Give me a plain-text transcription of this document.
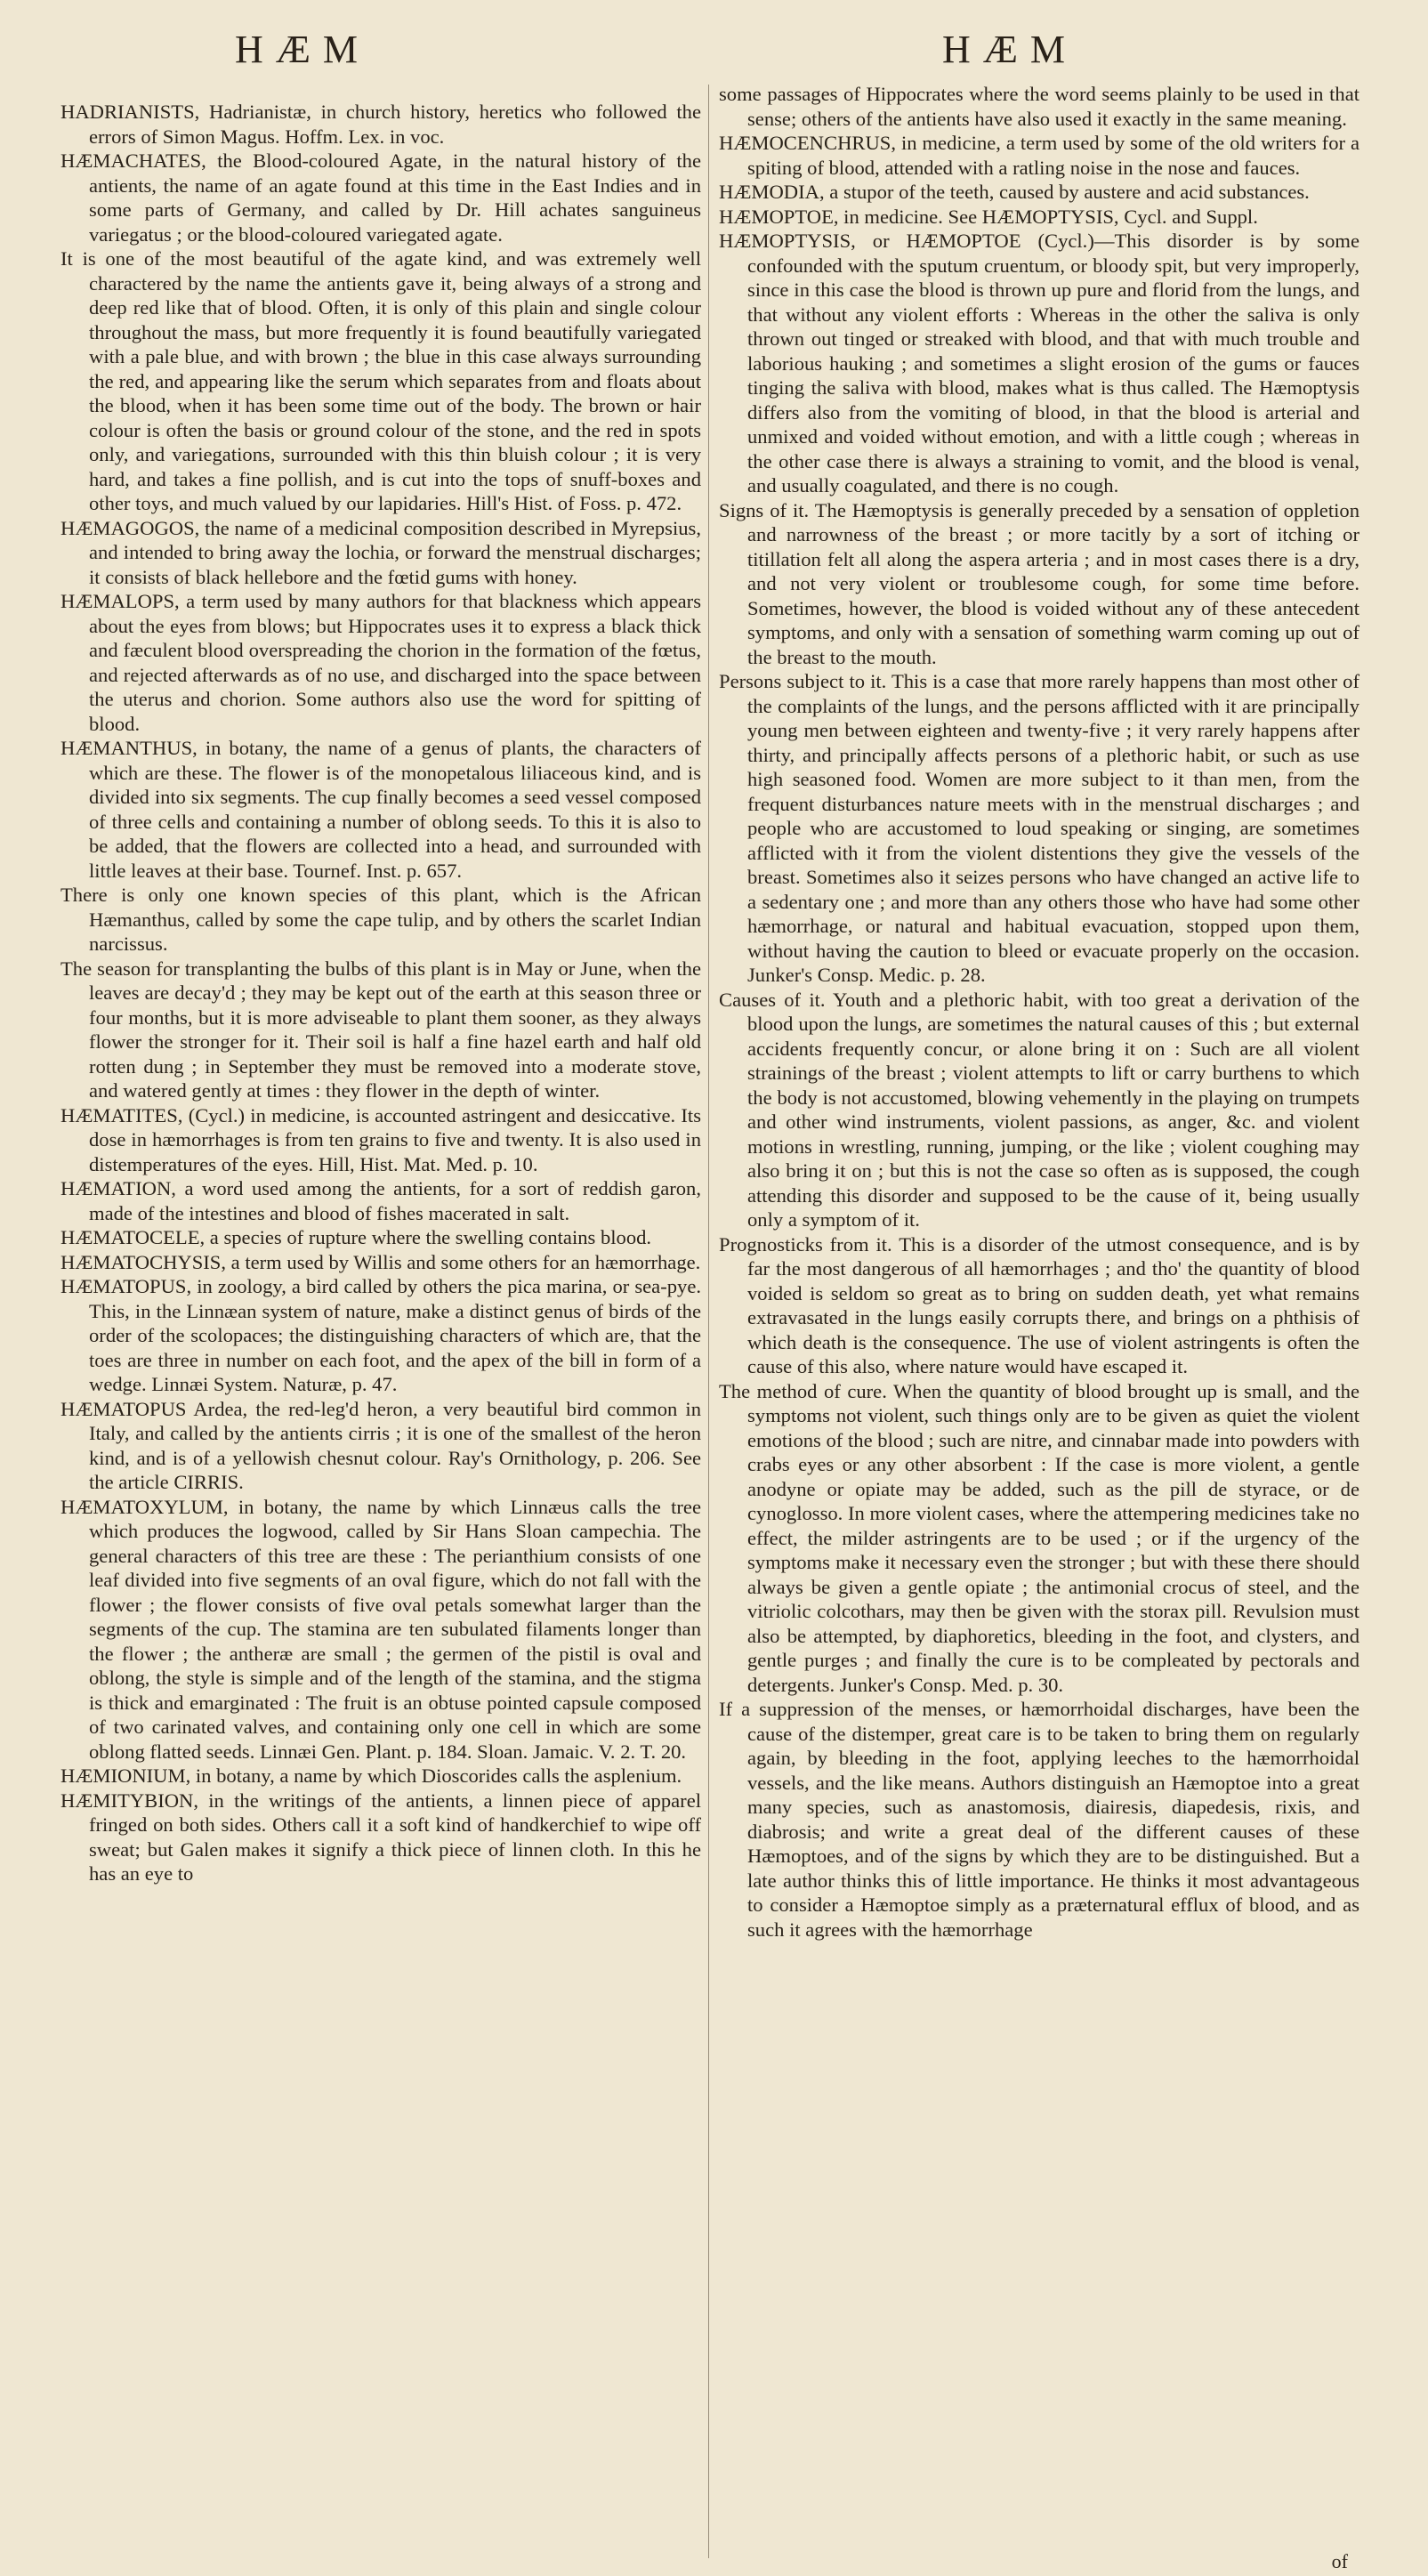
HÆM	HÆM

HADRIANISTS, Hadrianistæ, in church history, heretics who followed the errors of Simon Magus. Hoffm. Lex. in voc.

HÆMACHATES, the Blood-coloured Agate, in the natural history of the antients, the name of an agate found at this time in the East Indies and in some parts of Germany, and called by Dr. Hill achates sanguineus variegatus ; or the blood-coloured variegated agate.

It is one of the most beautiful of the agate kind, and was extremely well charactered by the name the antients gave it, being always of a strong and deep red like that of blood. Often, it is only of this plain and single colour throughout the mass, but more frequently it is found beautifully variegated with a pale blue, and with brown ; the blue in this case always surrounding the red, and appearing like the serum which separates from and floats about the blood, when it has been some time out of the body. The brown or hair colour is often the basis or ground colour of the stone, and the red in spots only, and variegations, surrounded with this thin bluish colour ; it is very hard, and takes a fine pollish, and is cut into the tops of snuff-boxes and other toys, and much valued by our lapidaries. Hill's Hist. of Foss. p. 472.

HÆMAGOGOS, the name of a medicinal composition described in Myrepsius, and intended to bring away the lochia, or forward the menstrual discharges; it consists of black hellebore and the fœtid gums with honey.

HÆMALOPS, a term used by many authors for that blackness which appears about the eyes from blows; but Hippocrates uses it to express a black thick and fæculent blood overspreading the chorion in the formation of the fœtus, and rejected afterwards as of no use, and discharged into the space between the uterus and chorion. Some authors also use the word for spitting of blood.

HÆMANTHUS, in botany, the name of a genus of plants, the characters of which are these. The flower is of the monopetalous liliaceous kind, and is divided into six segments. The cup finally becomes a seed vessel composed of three cells and containing a number of oblong seeds. To this it is also to be added, that the flowers are collected into a head, and surrounded with little leaves at their base. Tournef. Inst. p. 657.

There is only one known species of this plant, which is the African Hæmanthus, called by some the cape tulip, and by others the scarlet Indian narcissus.

The season for transplanting the bulbs of this plant is in May or June, when the leaves are decay'd ; they may be kept out of the earth at this season three or four months, but it is more adviseable to plant them sooner, as they always flower the stronger for it. Their soil is half a fine hazel earth and half old rotten dung ; in September they must be removed into a moderate stove, and watered gently at times : they flower in the depth of winter.

HÆMATITES, (Cycl.) in medicine, is accounted astringent and desiccative. Its dose in hæmorrhages is from ten grains to five and twenty. It is also used in distemperatures of the eyes. Hill, Hist. Mat. Med. p. 10.

HÆMATION, a word used among the antients, for a sort of reddish garon, made of the intestines and blood of fishes macerated in salt.

HÆMATOCELE, a species of rupture where the swelling contains blood.

HÆMATOCHYSIS, a term used by Willis and some others for an hæmorrhage.

HÆMATOPUS, in zoology, a bird called by others the pica marina, or sea-pye. This, in the Linnæan system of nature, make a distinct genus of birds of the order of the scolopaces; the distinguishing characters of which are, that the toes are three in number on each foot, and the apex of the bill in form of a wedge. Linnæi System. Naturæ, p. 47.

HÆMATOPUS Ardea, the red-leg'd heron, a very beautiful bird common in Italy, and called by the antients cirris ; it is one of the smallest of the heron kind, and is of a yellowish chesnut colour. Ray's Ornithology, p. 206. See the article CIRRIS.

HÆMATOXYLUM, in botany, the name by which Linnæus calls the tree which produces the logwood, called by Sir Hans Sloan campechia. The general characters of this tree are these : The perianthium consists of one leaf divided into five segments of an oval figure, which do not fall with the flower ; the flower consists of five oval petals somewhat larger than the segments of the cup. The stamina are ten subulated filaments longer than the flower ; the antheræ are small ; the germen of the pistil is oval and oblong, the style is simple and of the length of the stamina, and the stigma is thick and emarginated : The fruit is an obtuse pointed capsule composed of two carinated valves, and containing only one cell in which are some oblong flatted seeds. Linnæi Gen. Plant. p. 184. Sloan. Jamaic. V. 2. T. 20.

HÆMIONIUM, in botany, a name by which Dioscorides calls the asplenium.

HÆMITYBION, in the writings of the antients, a linnen piece of apparel fringed on both sides. Others call it a soft kind of handkerchief to wipe off sweat; but Galen makes it signify a thick piece of linnen cloth. In this he has an eye to

some passages of Hippocrates where the word seems plainly to be used in that sense; others of the antients have also used it exactly in the same meaning.

HÆMOCENCHRUS, in medicine, a term used by some of the old writers for a spiting of blood, attended with a ratling noise in the nose and fauces.

HÆMODIA, a stupor of the teeth, caused by austere and acid substances.

HÆMOPTOE, in medicine. See HÆMOPTYSIS, Cycl. and Suppl.

HÆMOPTYSIS, or HÆMOPTOE (Cycl.)—This disorder is by some confounded with the sputum cruentum, or bloody spit, but very improperly, since in this case the blood is thrown up pure and florid from the lungs, and that without any violent efforts : Whereas in the other the saliva is only thrown out tinged or streaked with blood, and that with much trouble and laborious hauking ; and sometimes a slight erosion of the gums or fauces tinging the saliva with blood, makes what is thus called. The Hæmoptysis differs also from the vomiting of blood, in that the blood is arterial and unmixed and voided without emotion, and with a little cough ; whereas in the other case there is always a straining to vomit, and the blood is venal, and usually coagulated, and there is no cough.

Signs of it. The Hæmoptysis is generally preceded by a sensation of oppletion and narrowness of the breast ; or more tacitly by a sort of itching or titillation felt all along the aspera arteria ; and in most cases there is a dry, and not very violent or troublesome cough, for some time before. Sometimes, however, the blood is voided without any of these antecedent symptoms, and only with a sensation of something warm coming up out of the breast to the mouth.

Persons subject to it. This is a case that more rarely happens than most other of the complaints of the lungs, and the persons afflicted with it are principally young men between eighteen and twenty-five ; it very rarely happens after thirty, and principally affects persons of a plethoric habit, or such as use high seasoned food. Women are more subject to it than men, from the frequent disturbances nature meets with in the menstrual discharges ; and people who are accustomed to loud speaking or singing, are sometimes afflicted with it from the violent distentions they give the vessels of the breast. Sometimes also it seizes persons who have changed an active life to a sedentary one ; and more than any others those who have had some other hæmorrhage, or natural and habitual evacuation, stopped upon them, without having the caution to bleed or evacuate properly on the occasion. Junker's Consp. Medic. p. 28.

Causes of it. Youth and a plethoric habit, with too great a derivation of the blood upon the lungs, are sometimes the natural causes of this ; but external accidents frequently concur, or alone bring it on : Such are all violent strainings of the breast ; violent attempts to lift or carry burthens to which the body is not accustomed, blowing vehemently in the playing on trumpets and other wind instruments, violent passions, as anger, &c. and violent motions in wrestling, running, jumping, or the like ; violent coughing may also bring it on ; but this is not the case so often as is supposed, the cough attending this disorder and supposed to be the cause of it, being usually only a symptom of it.

Prognosticks from it. This is a disorder of the utmost consequence, and is by far the most dangerous of all hæmorrhages ; and tho' the quantity of blood voided is seldom so great as to bring on sudden death, yet what remains extravasated in the lungs easily corrupts there, and brings on a phthisis of which death is the consequence. The use of violent astringents is often the cause of this also, where nature would have escaped it.

The method of cure. When the quantity of blood brought up is small, and the symptoms not violent, such things only are to be given as quiet the violent emotions of the blood ; such are nitre, and cinnabar made into powders with crabs eyes or any other absorbent : If the case is more violent, a gentle anodyne or opiate may be added, such as the pill de styrace, or de cynoglosso. In more violent cases, where the attempering medicines take no effect, the milder astringents are to be used ; or if the urgency of the symptoms make it necessary even the stronger ; but with these there should always be given a gentle opiate ; the antimonial crocus of steel, and the vitriolic colcothars, may then be given with the storax pill. Revulsion must also be attempted, by diaphoretics, bleeding in the foot, and clysters, and gentle purges ; and finally the cure is to be compleated by pectorals and detergents. Junker's Consp. Med. p. 30.

If a suppression of the menses, or hæmorrhoidal discharges, have been the cause of the distemper, great care is to be taken to bring them on regularly again, by bleeding in the foot, applying leeches to the hæmorrhoidal vessels, and the like means. Authors distinguish an Hæmoptoe into a great many species, such as anastomosis, diairesis, diapedesis, rixis, and diabrosis; and write a great deal of the different causes of these Hæmoptoes, and of the signs by which they are to be distinguished. But a late author thinks this of little importance. He thinks it most advantageous to consider a Hæmoptoe simply as a præternatural efflux of blood, and as such it agrees with the hæmorrhage

of
